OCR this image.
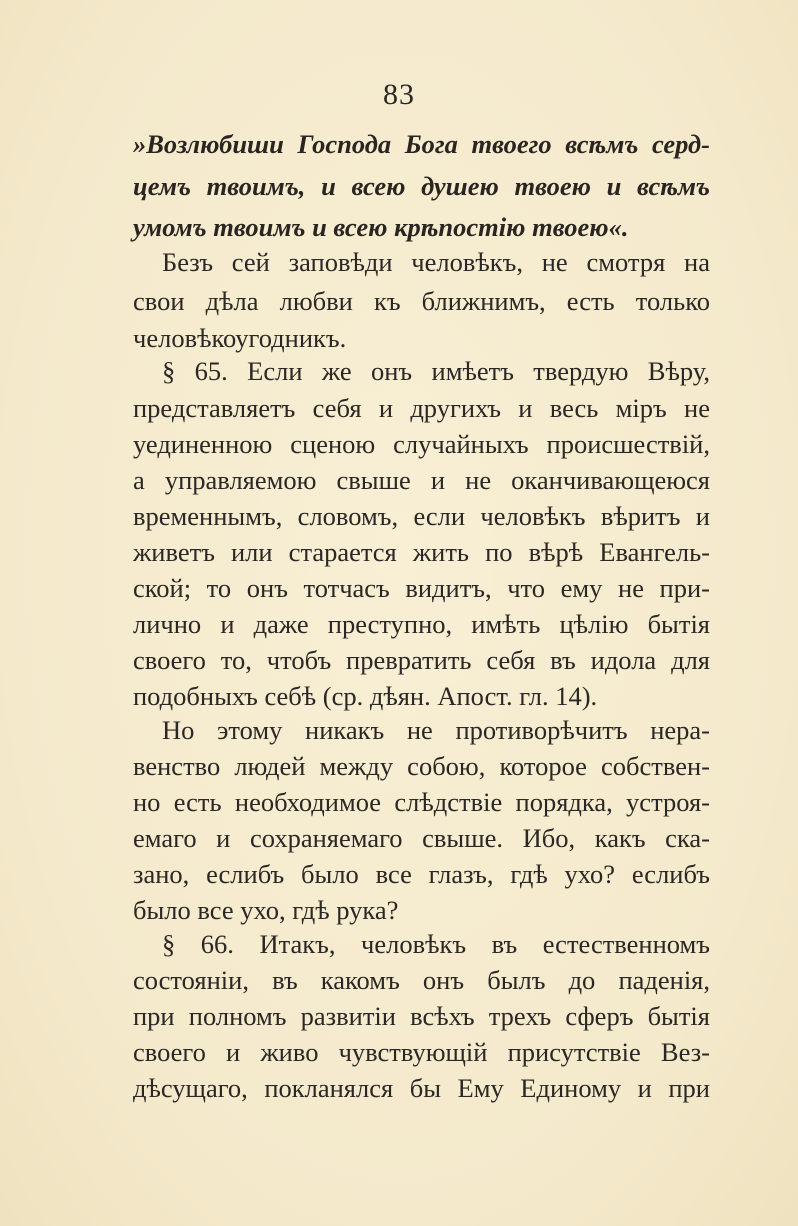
83
»Возлюбиши Господа Бога твоего всѣмъ серд-
цемъ твоимъ, и всею душею твоею и всѣмъ
умомъ твоимъ и всею крѣпостію твоею«.
Безъ сей заповѣди человѣкъ, не смотря на
свои дѣла любви къ ближнимъ, есть только
человѣкоугодникъ.
§ 65. Если же онъ имѣетъ твердую Вѣру,
представляетъ себя и другихъ и весь міръ не
уединенною сценою случайныхъ происшествій,
а управляемою свыше и не оканчивающеюся
временнымъ, словомъ, если человѣкъ вѣритъ и
живетъ или старается жить по вѣрѣ Евангель-
ской; то онъ тотчасъ видитъ, что ему не при-
лично и даже преступно, имѣть цѣлію бытія
своего то, чтобъ превратить себя въ идола для
подобныхъ себѣ (ср. дѣян. Апост. гл. 14).
Но этому никакъ не противорѣчитъ нера-
венство людей между собою, которое собствен-
но есть необходимое слѣдствіе порядка, устроя-
емаго и сохраняемаго свыше. Ибо, какъ ска-
зано, еслибъ было все глазъ, гдѣ ухо? еслибъ
было все ухо, гдѣ рука?
§ 66. Итакъ, человѣкъ въ естественномъ
состояніи, въ какомъ онъ былъ до паденія,
при полномъ развитіи всѣхъ трехъ сферъ бытія
своего и живо чувствующій присутствіе Вез-
дѣсущаго, покланялся бы Ему Единому и при
